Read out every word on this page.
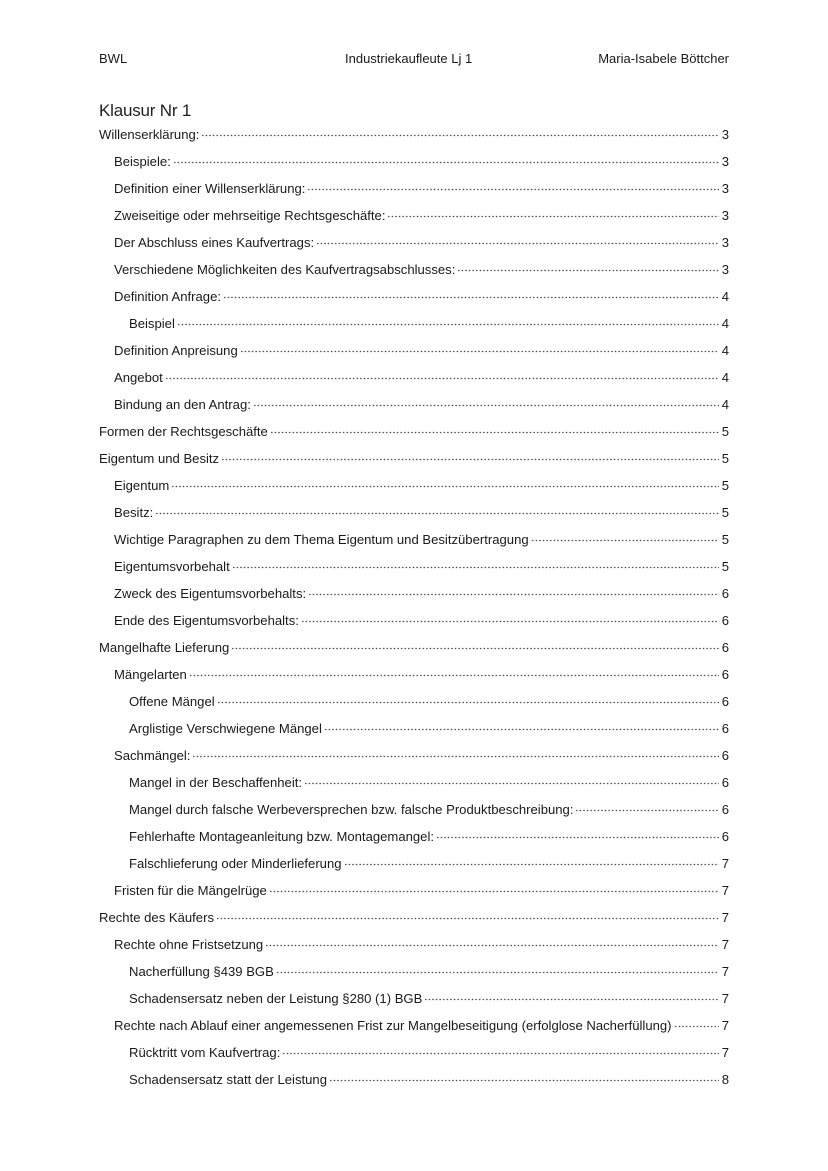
BWL	Industriekaufleute Lj 1	Maria-Isabele Böttcher
Klausur Nr 1
Willenserklärung:	3
Beispiele:	3
Definition einer Willenserklärung:	3
Zweiseitige oder mehrseitige Rechtsgeschäfte:	3
Der Abschluss eines Kaufvertrags:	3
Verschiedene Möglichkeiten des Kaufvertragsabschlusses:	3
Definition Anfrage:	4
Beispiel	4
Definition Anpreisung	4
Angebot	4
Bindung an den Antrag:	4
Formen der Rechtsgeschäfte	5
Eigentum und Besitz	5
Eigentum	5
Besitz:	5
Wichtige Paragraphen zu dem Thema Eigentum und Besitzübertragung	5
Eigentumsvorbehalt	5
Zweck des Eigentumsvorbehalts:	6
Ende des Eigentumsvorbehalts:	6
Mangelhafte Lieferung	6
Mängelarten	6
Offene Mängel	6
Arglistige Verschwiegene Mängel	6
Sachmängel:	6
Mangel in der Beschaffenheit:	6
Mangel durch falsche Werbeversprechen bzw. falsche Produktbeschreibung:	6
Fehlerhafte Montageanleitung bzw. Montagemangel:	6
Falschlieferung oder Minderlieferung	7
Fristen für die Mängelrüge	7
Rechte des Käufers	7
Rechte ohne Fristsetzung	7
Nacherfüllung §439 BGB	7
Schadensersatz neben der Leistung §280 (1) BGB	7
Rechte nach Ablauf einer angemessenen Frist zur Mangelbeseitigung (erfolglose Nacherfüllung)	7
Rücktritt vom Kaufvertrag:	7
Schadensersatz statt der Leistung	8
